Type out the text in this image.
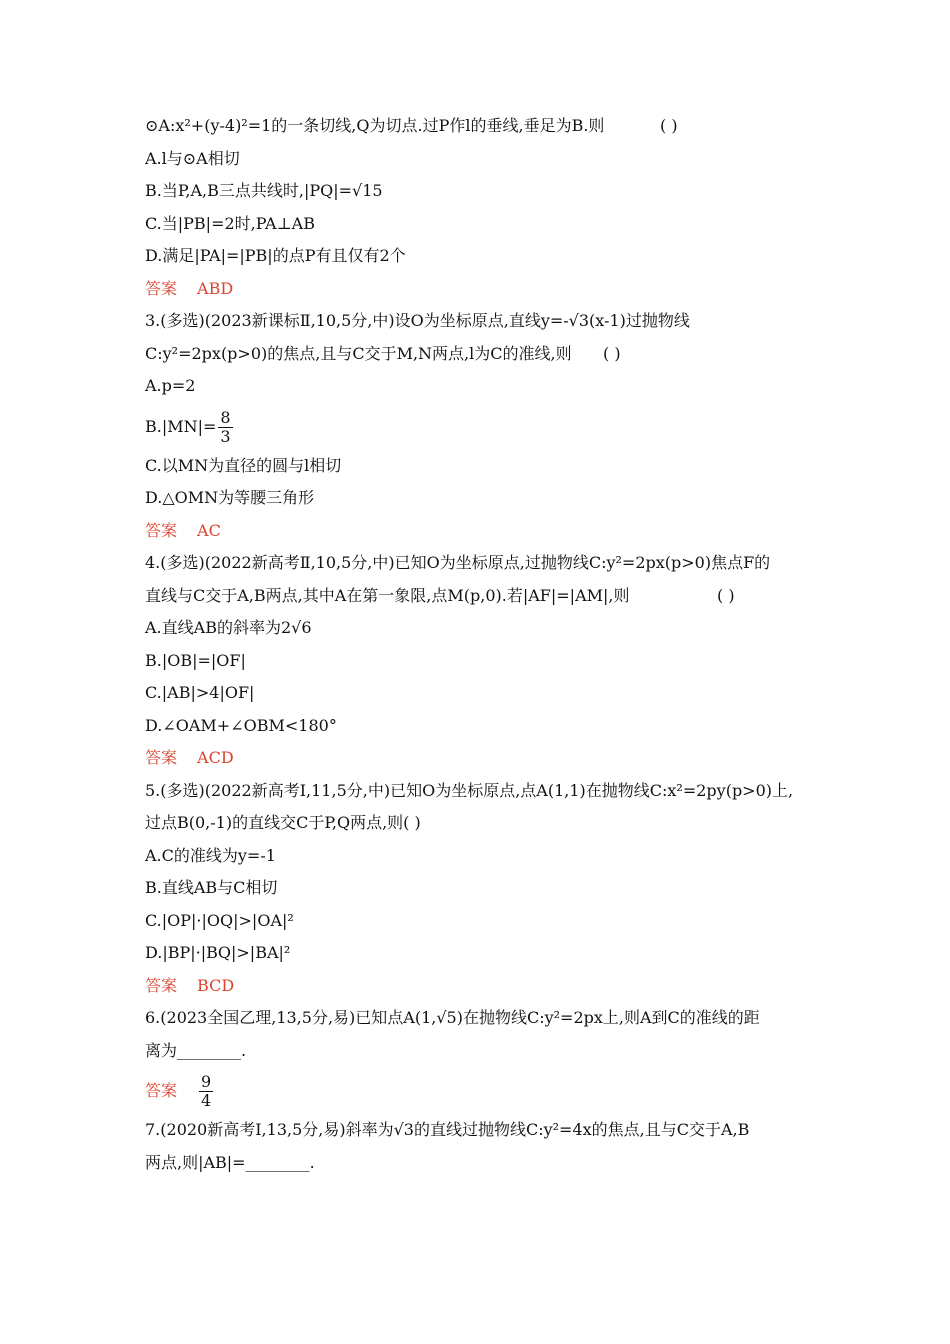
⊙A:x²+(y-4)²=1的一条切线,Q为切点.过P作l的垂线,垂足为B.则	( )
A.l与⊙A相切
B.当P,A,B三点共线时,|PQ|=√15
C.当|PB|=2时,PA⊥AB
D.满足|PA|=|PB|的点P有且仅有2个
答案 ABD
3.(多选)(2023新课标Ⅱ,10,5分,中)设O为坐标原点,直线y=-√3(x-1)过抛物线
C:y²=2px(p>0)的焦点,且与C交于M,N两点,l为C的准线,则 ( )
A.p=2
$B.|MN|= \frac{8}{3}$
C.以MN为直径的圆与l相切
D.△OMN为等腰三角形
答案 AC
4.(多选)(2022新高考Ⅱ,10,5分,中)已知O为坐标原点,过抛物线C:y²=2px(p>0)焦点F的
直线与C交于A,B两点,其中A在第一象限,点M(p,0).若|AF|=|AM|,则	( )
A.直线AB的斜率为2√6
B.|OB|=|OF|
C.|AB|>4|OF|
D.∠OAM+∠OBM<180°
答案 ACD
5.(多选)(2022新高考Ⅰ,11,5分,中)已知O为坐标原点,点A(1,1)在抛物线C:x²=2py(p>0)上,
过点B(0,-1)的直线交C于P,Q两点,则( )
A.C的准线为y=-1
B.直线AB与C相切
C.|OP|·|OQ|>|OA|²
D.|BP|·|BQ|>|BA|²
答案 BCD
6.(2023全国乙理,13,5分,易)已知点A(1,√5)在抛物线C:y²=2px上,则A到C的准线的距
离为________.
答案 $\frac{9}{4}$
7.(2020新高考Ⅰ,13,5分,易)斜率为√3的直线过抛物线C:y²=4x的焦点,且与C交于A,B
两点,则|AB|=________.
